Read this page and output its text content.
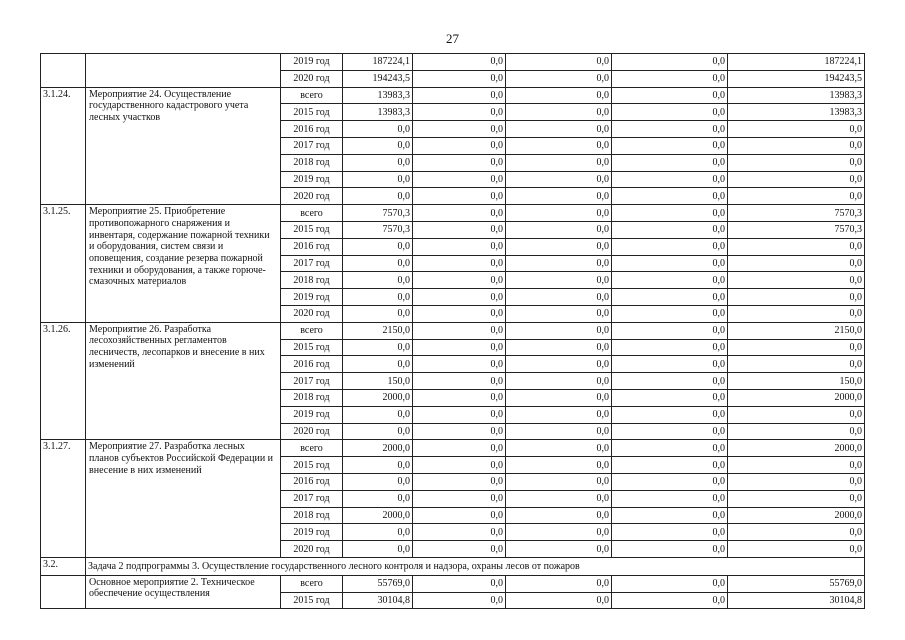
27
		2019 год	187224,1	0,0	0,0	0,0	187224,1
		2020 год	194243,5	0,0	0,0	0,0	194243,5
3.1.24.	Мероприятие 24. Осуществление государственного кадастрового учета лесных участков	всего	13983,3	0,0	0,0	0,0	13983,3
		2015 год	13983,3	0,0	0,0	0,0	13983,3
		2016 год	0,0	0,0	0,0	0,0	0,0
		2017 год	0,0	0,0	0,0	0,0	0,0
		2018 год	0,0	0,0	0,0	0,0	0,0
		2019 год	0,0	0,0	0,0	0,0	0,0
		2020 год	0,0	0,0	0,0	0,0	0,0
3.1.25.	Мероприятие 25. Приобретение противопожарного снаряжения и инвентаря, содержание пожарной техники и оборудования, систем связи и оповещения, создание резерва пожарной техники и оборудования, а также горюче-смазочных материалов	всего	7570,3	0,0	0,0	0,0	7570,3
		2015 год	7570,3	0,0	0,0	0,0	7570,3
		2016 год	0,0	0,0	0,0	0,0	0,0
		2017 год	0,0	0,0	0,0	0,0	0,0
		2018 год	0,0	0,0	0,0	0,0	0,0
		2019 год	0,0	0,0	0,0	0,0	0,0
		2020 год	0,0	0,0	0,0	0,0	0,0
3.1.26.	Мероприятие 26. Разработка лесохозяйственных регламентов лесничеств, лесопарков и внесение в них изменений	всего	2150,0	0,0	0,0	0,0	2150,0
		2015 год	0,0	0,0	0,0	0,0	0,0
		2016 год	0,0	0,0	0,0	0,0	0,0
		2017 год	150,0	0,0	0,0	0,0	150,0
		2018 год	2000,0	0,0	0,0	0,0	2000,0
		2019 год	0,0	0,0	0,0	0,0	0,0
		2020 год	0,0	0,0	0,0	0,0	0,0
3.1.27.	Мероприятие 27. Разработка лесных планов субъектов Российской Федерации и внесение в них изменений	всего	2000,0	0,0	0,0	0,0	2000,0
		2015 год	0,0	0,0	0,0	0,0	0,0
		2016 год	0,0	0,0	0,0	0,0	0,0
		2017 год	0,0	0,0	0,0	0,0	0,0
		2018 год	2000,0	0,0	0,0	0,0	2000,0
		2019 год	0,0	0,0	0,0	0,0	0,0
		2020 год	0,0	0,0	0,0	0,0	0,0
3.2.	Задача 2 подпрограммы 3. Осуществление государственного лесного контроля и надзора, охраны лесов от пожаров						
	Основное мероприятие 2. Техническое обеспечение осуществления	всего	55769,0	0,0	0,0	0,0	55769,0
		2015 год	30104,8	0,0	0,0	0,0	30104,8
